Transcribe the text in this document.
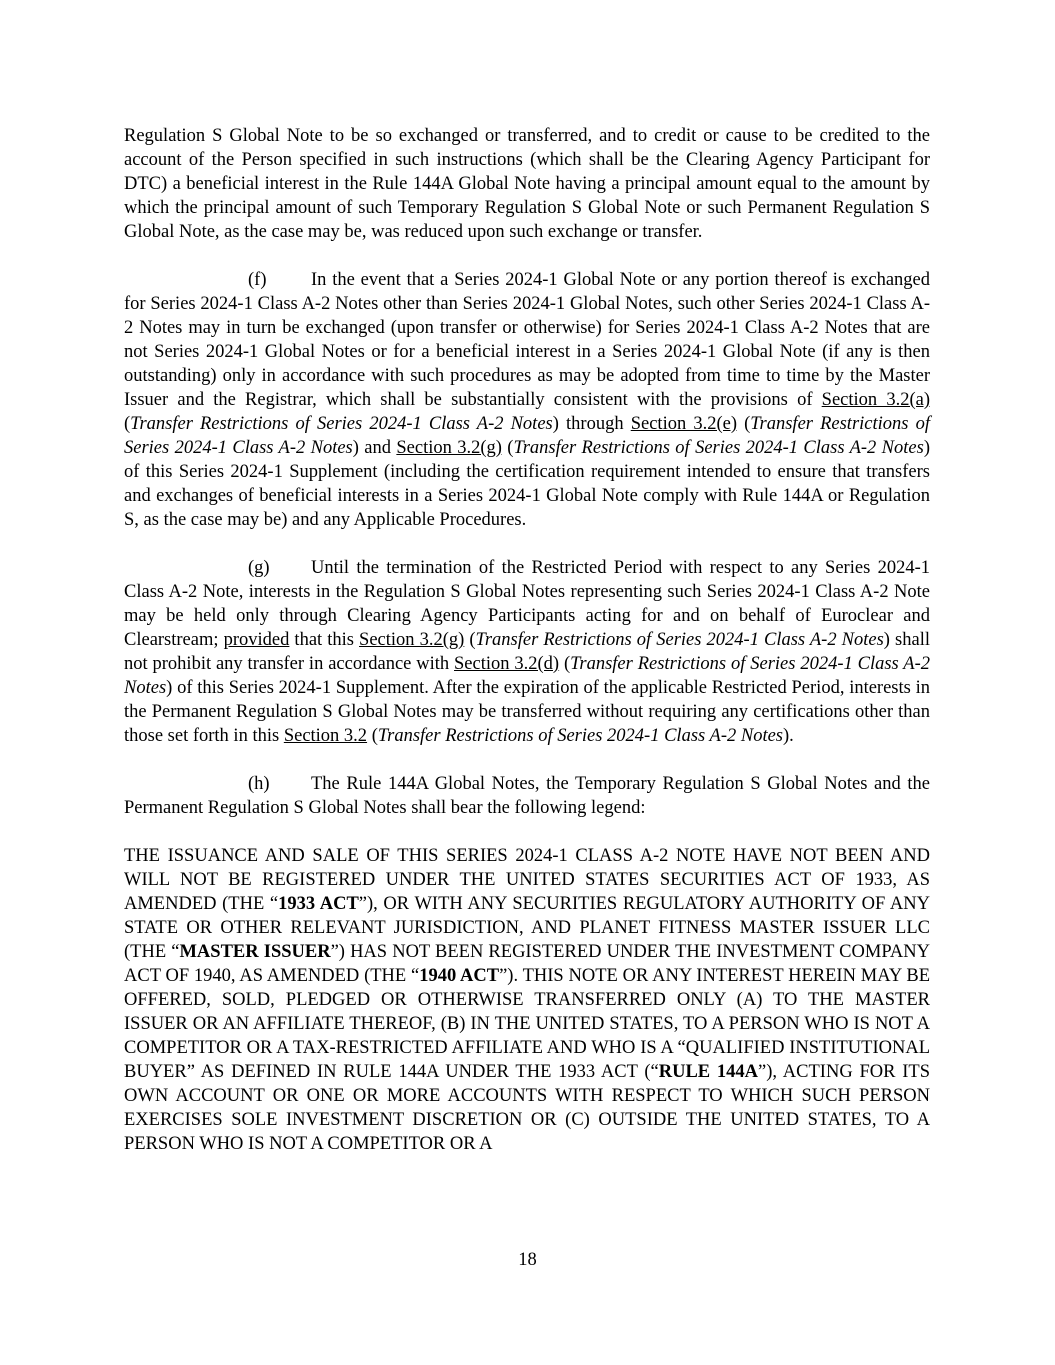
Regulation S Global Note to be so exchanged or transferred, and to credit or cause to be credited to the account of the Person specified in such instructions (which shall be the Clearing Agency Participant for DTC) a beneficial interest in the Rule 144A Global Note having a principal amount equal to the amount by which the principal amount of such Temporary Regulation S Global Note or such Permanent Regulation S Global Note, as the case may be, was reduced upon such exchange or transfer.

(f) In the event that a Series 2024-1 Global Note or any portion thereof is exchanged for Series 2024-1 Class A-2 Notes other than Series 2024-1 Global Notes, such other Series 2024-1 Class A-2 Notes may in turn be exchanged (upon transfer or otherwise) for Series 2024-1 Class A-2 Notes that are not Series 2024-1 Global Notes or for a beneficial interest in a Series 2024-1 Global Note (if any is then outstanding) only in accordance with such procedures as may be adopted from time to time by the Master Issuer and the Registrar, which shall be substantially consistent with the provisions of Section 3.2(a) (Transfer Restrictions of Series 2024-1 Class A-2 Notes) through Section 3.2(e) (Transfer Restrictions of Series 2024-1 Class A-2 Notes) and Section 3.2(g) (Transfer Restrictions of Series 2024-1 Class A-2 Notes) of this Series 2024-1 Supplement (including the certification requirement intended to ensure that transfers and exchanges of beneficial interests in a Series 2024-1 Global Note comply with Rule 144A or Regulation S, as the case may be) and any Applicable Procedures.

(g) Until the termination of the Restricted Period with respect to any Series 2024-1 Class A-2 Note, interests in the Regulation S Global Notes representing such Series 2024-1 Class A-2 Note may be held only through Clearing Agency Participants acting for and on behalf of Euroclear and Clearstream; provided that this Section 3.2(g) (Transfer Restrictions of Series 2024-1 Class A-2 Notes) shall not prohibit any transfer in accordance with Section 3.2(d) (Transfer Restrictions of Series 2024-1 Class A-2 Notes) of this Series 2024-1 Supplement. After the expiration of the applicable Restricted Period, interests in the Permanent Regulation S Global Notes may be transferred without requiring any certifications other than those set forth in this Section 3.2 (Transfer Restrictions of Series 2024-1 Class A-2 Notes).

(h) The Rule 144A Global Notes, the Temporary Regulation S Global Notes and the Permanent Regulation S Global Notes shall bear the following legend:

THE ISSUANCE AND SALE OF THIS SERIES 2024-1 CLASS A-2 NOTE HAVE NOT BEEN AND WILL NOT BE REGISTERED UNDER THE UNITED STATES SECURITIES ACT OF 1933, AS AMENDED (THE “1933 ACT”), OR WITH ANY SECURITIES REGULATORY AUTHORITY OF ANY STATE OR OTHER RELEVANT JURISDICTION, AND PLANET FITNESS MASTER ISSUER LLC (THE “MASTER ISSUER”) HAS NOT BEEN REGISTERED UNDER THE INVESTMENT COMPANY ACT OF 1940, AS AMENDED (THE “1940 ACT”). THIS NOTE OR ANY INTEREST HEREIN MAY BE OFFERED, SOLD, PLEDGED OR OTHERWISE TRANSFERRED ONLY (A) TO THE MASTER ISSUER OR AN AFFILIATE THEREOF, (B) IN THE UNITED STATES, TO A PERSON WHO IS NOT A COMPETITOR OR A TAX-RESTRICTED AFFILIATE AND WHO IS A “QUALIFIED INSTITUTIONAL BUYER” AS DEFINED IN RULE 144A UNDER THE 1933 ACT (“RULE 144A”), ACTING FOR ITS OWN ACCOUNT OR ONE OR MORE ACCOUNTS WITH RESPECT TO WHICH SUCH PERSON EXERCISES SOLE INVESTMENT DISCRETION OR (C) OUTSIDE THE UNITED STATES, TO A PERSON WHO IS NOT A COMPETITOR OR A

18
